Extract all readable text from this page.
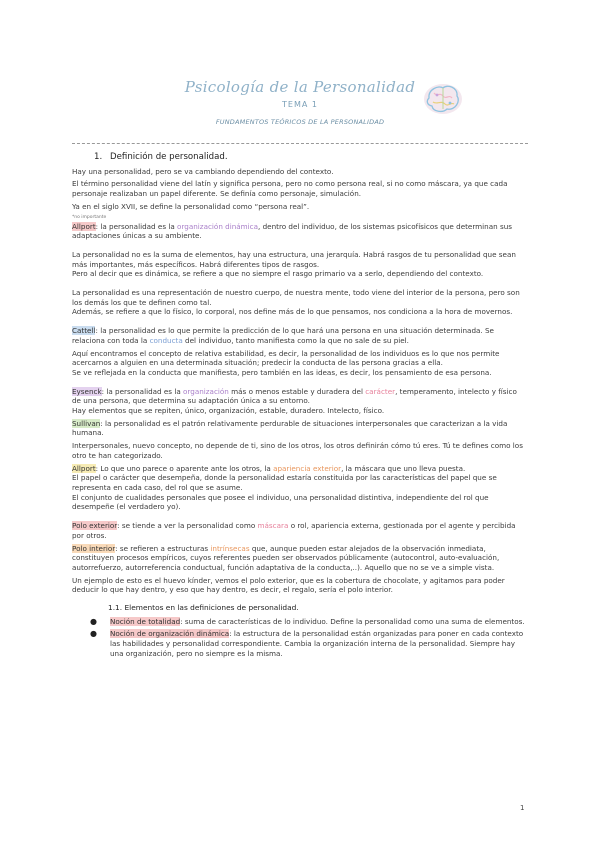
Psicología de la Personalidad
TEMA 1
FUNDAMENTOS TEÓRICOS DE LA PERSONALIDAD

1. Definición de personalidad.

Hay una personalidad, pero se va cambiando dependiendo del contexto.

El término personalidad viene del latín y significa persona, pero no como persona real, si no como máscara, ya que cada personaje realizaban un papel diferente. Se definía como personaje, simulación.

Ya en el siglo XVII, se define la personalidad como “persona real”.

*no importante

Allport: la personalidad es la organización dinámica, dentro del individuo, de los sistemas psicofísicos que determinan sus adaptaciones únicas a su ambiente.

La personalidad no es la suma de elementos, hay una estructura, una jerarquía. Habrá rasgos de tu personalidad que sean más importantes, más específicos. Habrá diferentes tipos de rasgos.

Pero al decir que es dinámica, se refiere a que no siempre el rasgo primario va a serlo, dependiendo del contexto.

La personalidad es una representación de nuestro cuerpo, de nuestra mente, todo viene del interior de la persona, pero son los demás los que te definen como tal.

Además, se refiere a que lo físico, lo corporal, nos define más de lo que pensamos, nos condiciona a la hora de movernos.

Cattell: la personalidad es lo que permite la predicción de lo que hará una persona en una situación determinada. Se relaciona con toda la conducta del individuo, tanto manifiesta como la que no sale de su piel.

Aquí encontramos el concepto de relativa estabilidad, es decir, la personalidad de los individuos es lo que nos permite acercarnos a alguien en una determinada situación; predecir la conducta de las persona gracias a ella.

Se ve reflejada en la conducta que manifiesta, pero también en las ideas, es decir, los pensamiento de esa persona.

Eysenck: la personalidad es la organización más o menos estable y duradera del carácter, temperamento, intelecto y físico de una persona, que determina su adaptación única a su entorno.

Hay elementos que se repiten, único, organización, estable, duradero. Intelecto, físico.

Sullivan: la personalidad es el patrón relativamente perdurable de situaciones interpersonales que caracterizan a la vida humana.

Interpersonales, nuevo concepto, no depende de ti, sino de los otros, los otros definirán cómo tú eres. Tú te defines como los otro te han categorizado.

Allport: Lo que uno parece o aparente ante los otros, la apariencia exterior, la máscara que uno lleva puesta.

El papel o carácter que desempeña, donde la personalidad estaría constituida por las características del papel que se representa en cada caso, del rol que se asume.

El conjunto de cualidades personales que posee el individuo, una personalidad distintiva, independiente del rol que desempeñe (el verdadero yo).

Polo exterior: se tiende a ver la personalidad como máscara o rol, apariencia externa, gestionada por el agente y percibida por otros.

Polo interior: se refieren a estructuras intrínsecas que, aunque pueden estar alejados de la observación inmediata, constituyen procesos empíricos, cuyos referentes pueden ser observados públicamente (autocontrol, auto-evaluación, autorrefuerzo, autorreferencia conductual, función adaptativa de la conducta,..). Aquello que no se ve a simple vista.

Un ejemplo de esto es el huevo kínder, vemos el polo exterior, que es la cobertura de chocolate, y agitamos para poder deducir lo que hay dentro, y eso que hay dentro, es decir, el regalo, sería el polo interior.

1.1. Elementos en las definiciones de personalidad.

● Noción de totalidad: suma de características de lo individuo. Define la personalidad como una suma de elementos.
● Noción de organización dinámica: la estructura de la personalidad están organizadas para poner en cada contexto las habilidades y personalidad correspondiente. Cambia la organización interna de la personalidad. Siempre hay una organización, pero no siempre es la misma.
1
